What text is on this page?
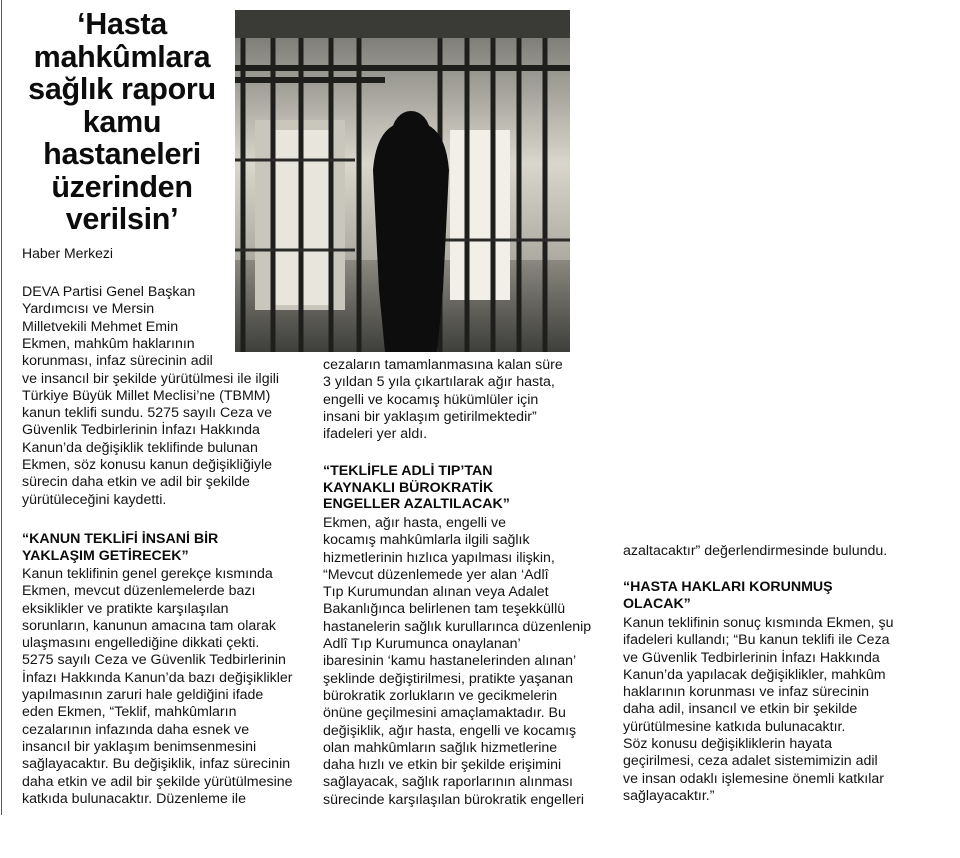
‘Hasta mahkûmlara sağlık raporu kamu hastaneleri üzerinden verilsin’
Haber Merkezi

DEVA Partisi Genel Başkan

Yardımcısı ve Mersin

Milletvekili Mehmet Emin

Ekmen, mahkûm haklarının

korunması, infaz sürecinin adil

ve insancıl bir şekilde yürütülmesi ile ilgili

Türkiye Büyük Millet Meclisi’ne (TBMM)

kanun teklifi sundu. 5275 sayılı Ceza ve

Güvenlik Tedbirlerinin İnfazı Hakkında

Kanun’da değişiklik teklifinde bulunan

Ekmen, söz konusu kanun değişikliğiyle

sürecin daha etkin ve adil bir şekilde

yürütüleceğini kaydetti.

“KANUN TEKLİFİ İNSANİ BİR

YAKLAŞIM GETİRECEK”

Kanun teklifinin genel gerekçe kısmında

Ekmen, mevcut düzenlemelerde bazı

eksiklikler ve pratikte karşılaşılan

sorunların, kanunun amacına tam olarak

ulaşmasını engellediğine dikkati çekti.

5275 sayılı Ceza ve Güvenlik Tedbirlerinin

İnfazı Hakkında Kanun’da bazı değişiklikler

yapılmasının zaruri hale geldiğini ifade

eden Ekmen, “Teklif, mahkûmların

cezalarının infazında daha esnek ve

insancıl bir yaklaşım benimsenmesini

sağlayacaktır. Bu değişiklik, infaz sürecinin

daha etkin ve adil bir şekilde yürütülmesine

katkıda bulunacaktır. Düzenleme ile

cezaların tamamlanmasına kalan süre

3 yıldan 5 yıla çıkartılarak ağır hasta,

engelli ve kocamış hükümlüler için

insani bir yaklaşım getirilmektedir”

ifadeleri yer aldı.

“TEKLİFLE ADLİ TIP’TAN

KAYNAKLI BÜROKRATİK

ENGELLER AZALTILACAK”

Ekmen, ağır hasta, engelli ve

kocamış mahkûmlarla ilgili sağlık

hizmetlerinin hızlıca yapılması ilişkin,

“Mevcut düzenlemede yer alan ‘Adlî

Tıp Kurumundan alınan veya Adalet

Bakanlığınca belirlenen tam teşekküllü

hastanelerin sağlık kurullarınca düzenlenip

Adlî Tıp Kurumunca onaylanan’

ibaresinin ‘kamu hastanelerinden alınan’

şeklinde değiştirilmesi, pratikte yaşanan

bürokratik zorlukların ve gecikmelerin

önüne geçilmesini amaçlamaktadır. Bu

değişiklik, ağır hasta, engelli ve kocamış

olan mahkûmların sağlık hizmetlerine

daha hızlı ve etkin bir şekilde erişimini

sağlayacak, sağlık raporlarının alınması

sürecinde karşılaşılan bürokratik engelleri

azaltacaktır” değerlendirmesinde bulundu.

“HASTA HAKLARI KORUNMUŞ

OLACAK”

Kanun teklifinin sonuç kısmında Ekmen, şu

ifadeleri kullandı; “Bu kanun teklifi ile Ceza

ve Güvenlik Tedbirlerinin İnfazı Hakkında

Kanun’da yapılacak değişiklikler, mahkûm

haklarının korunması ve infaz sürecinin

daha adil, insancıl ve etkin bir şekilde

yürütülmesine katkıda bulunacaktır.

Söz konusu değişikliklerin hayata

geçirilmesi, ceza adalet sistemimizin adil

ve insan odaklı işlemesine önemli katkılar

sağlayacaktır.”
